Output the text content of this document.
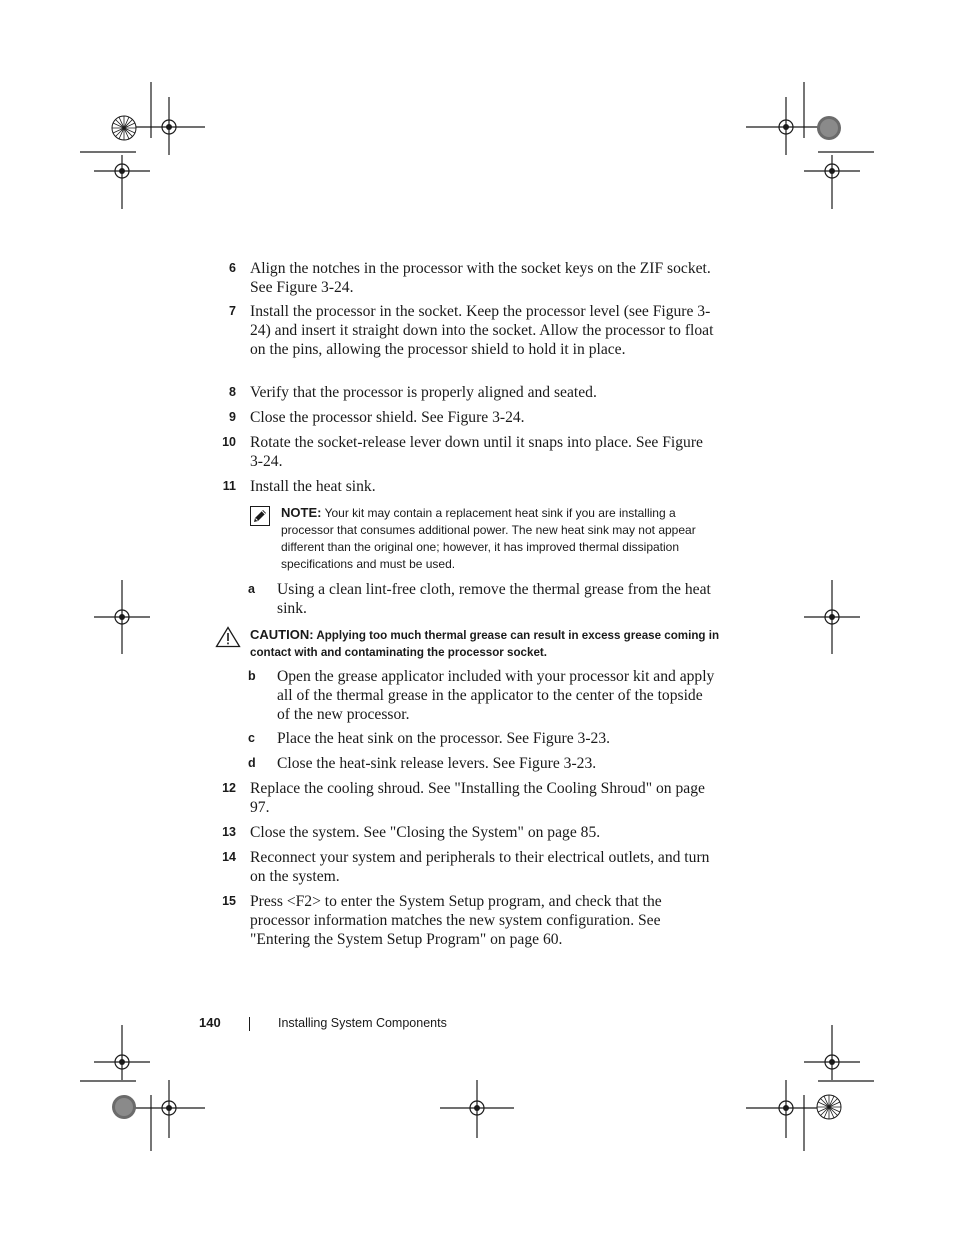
6 Align the notches in the processor with the socket keys on the ZIF socket. See Figure 3-24.
7 Install the processor in the socket. Keep the processor level (see Figure 3-24) and insert it straight down into the socket. Allow the processor to float on the pins, allowing the processor shield to hold it in place.
8 Verify that the processor is properly aligned and seated.
9 Close the processor shield. See Figure 3-24.
10 Rotate the socket-release lever down until it snaps into place. See Figure 3-24.
11 Install the heat sink.
NOTE: Your kit may contain a replacement heat sink if you are installing a processor that consumes additional power. The new heat sink may not appear different than the original one; however, it has improved thermal dissipation specifications and must be used.
a Using a clean lint-free cloth, remove the thermal grease from the heat sink.
CAUTION: Applying too much thermal grease can result in excess grease coming in contact with and contaminating the processor socket.
b Open the grease applicator included with your processor kit and apply all of the thermal grease in the applicator to the center of the topside of the new processor.
c Place the heat sink on the processor. See Figure 3-23.
d Close the heat-sink release levers. See Figure 3-23.
12 Replace the cooling shroud. See "Installing the Cooling Shroud" on page 97.
13 Close the system. See "Closing the System" on page 85.
14 Reconnect your system and peripherals to their electrical outlets, and turn on the system.
15 Press <F2> to enter the System Setup program, and check that the processor information matches the new system configuration. See "Entering the System Setup Program" on page 60.
140	Installing System Components
